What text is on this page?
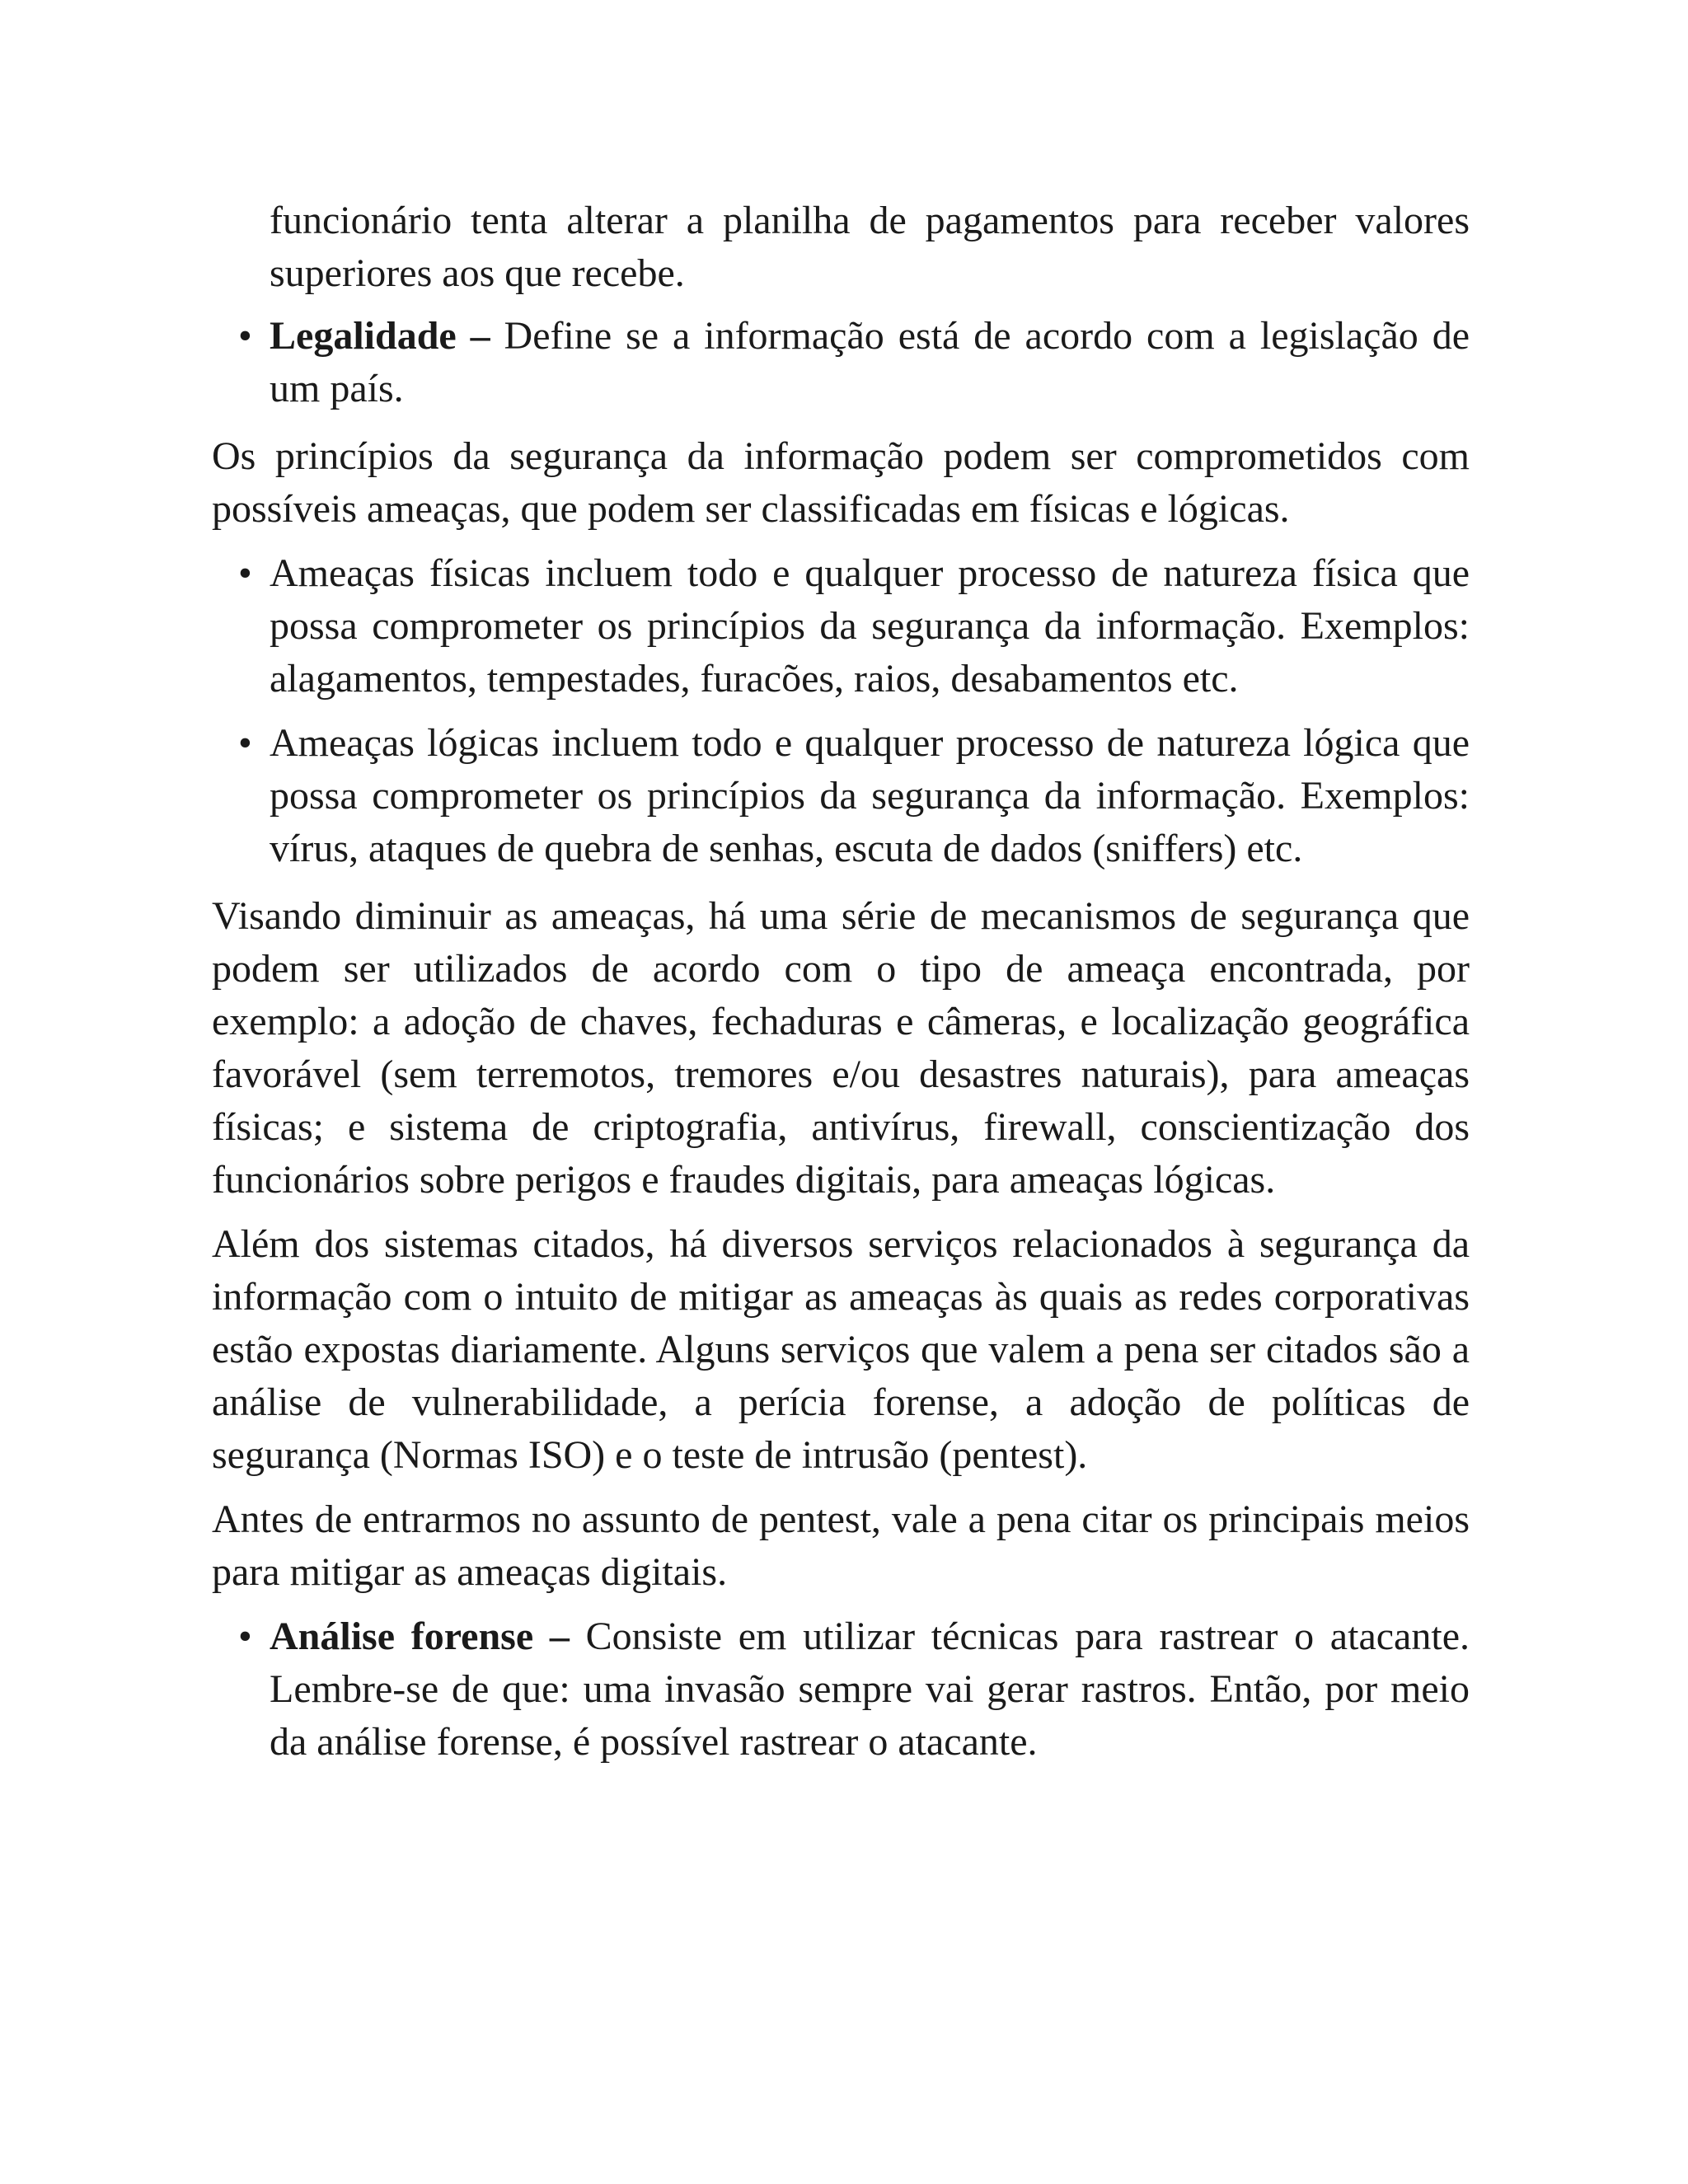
funcionário tenta alterar a planilha de pagamentos para receber valores superiores aos que recebe.

• Legalidade – Define se a informação está de acordo com a legislação de um país.

Os princípios da segurança da informação podem ser comprometidos com possíveis ameaças, que podem ser classificadas em físicas e lógicas.

• Ameaças físicas incluem todo e qualquer processo de natureza física que possa comprometer os princípios da segurança da informação. Exemplos: alagamentos, tempestades, furacões, raios, desabamentos etc.
• Ameaças lógicas incluem todo e qualquer processo de natureza lógica que possa comprometer os princípios da segurança da informação. Exemplos: vírus, ataques de quebra de senhas, escuta de dados (sniffers) etc.

Visando diminuir as ameaças, há uma série de mecanismos de segurança que podem ser utilizados de acordo com o tipo de ameaça encontrada, por exemplo: a adoção de chaves, fechaduras e câmeras, e localização geográfica favorável (sem terremotos, tremores e/ou desastres naturais), para ameaças físicas; e sistema de criptografia, antivírus, firewall, conscientização dos funcionários sobre perigos e fraudes digitais, para ameaças lógicas.

Além dos sistemas citados, há diversos serviços relacionados à segurança da informação com o intuito de mitigar as ameaças às quais as redes corporativas estão expostas diariamente. Alguns serviços que valem a pena ser citados são a análise de vulnerabilidade, a perícia forense, a adoção de políticas de segurança (Normas ISO) e o teste de intrusão (pentest).

Antes de entrarmos no assunto de pentest, vale a pena citar os principais meios para mitigar as ameaças digitais.

• Análise forense – Consiste em utilizar técnicas para rastrear o atacante. Lembre-se de que: uma invasão sempre vai gerar rastros. Então, por meio da análise forense, é possível rastrear o atacante.
